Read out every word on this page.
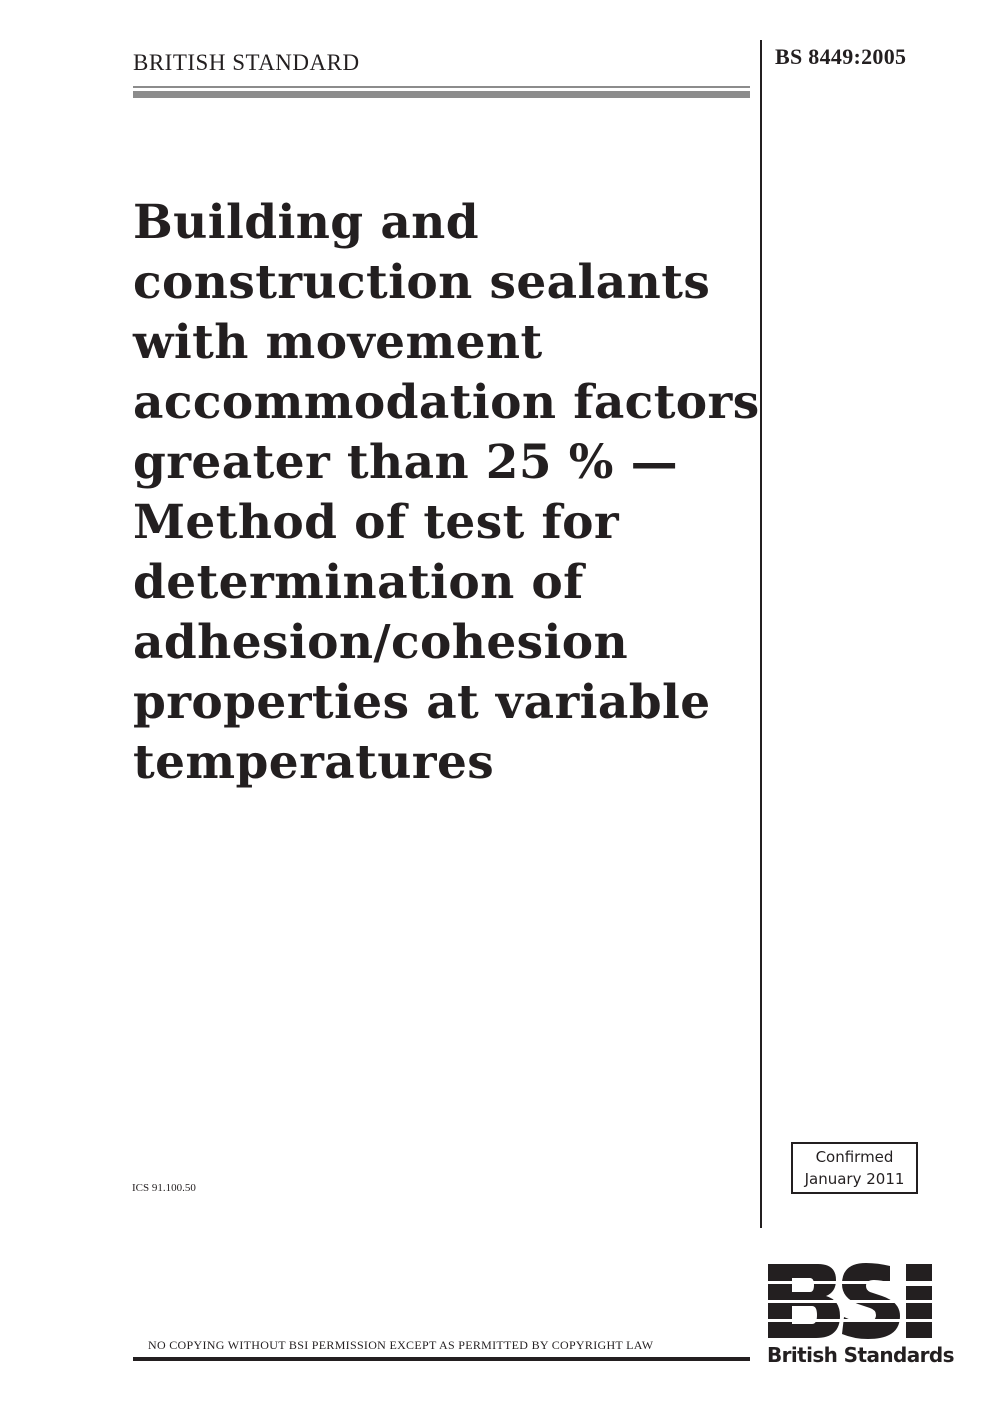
BRITISH STANDARD	BS 8449:2005
Building and
construction sealants
with movement
accommodation factors
greater than 25 % —
Method of test for
determination of
adhesion/cohesion
properties at variable
temperatures
ICS 91.100.50
Confirmed
January 2011
British Standards
NO COPYING WITHOUT BSI PERMISSION EXCEPT AS PERMITTED BY COPYRIGHT LAW
